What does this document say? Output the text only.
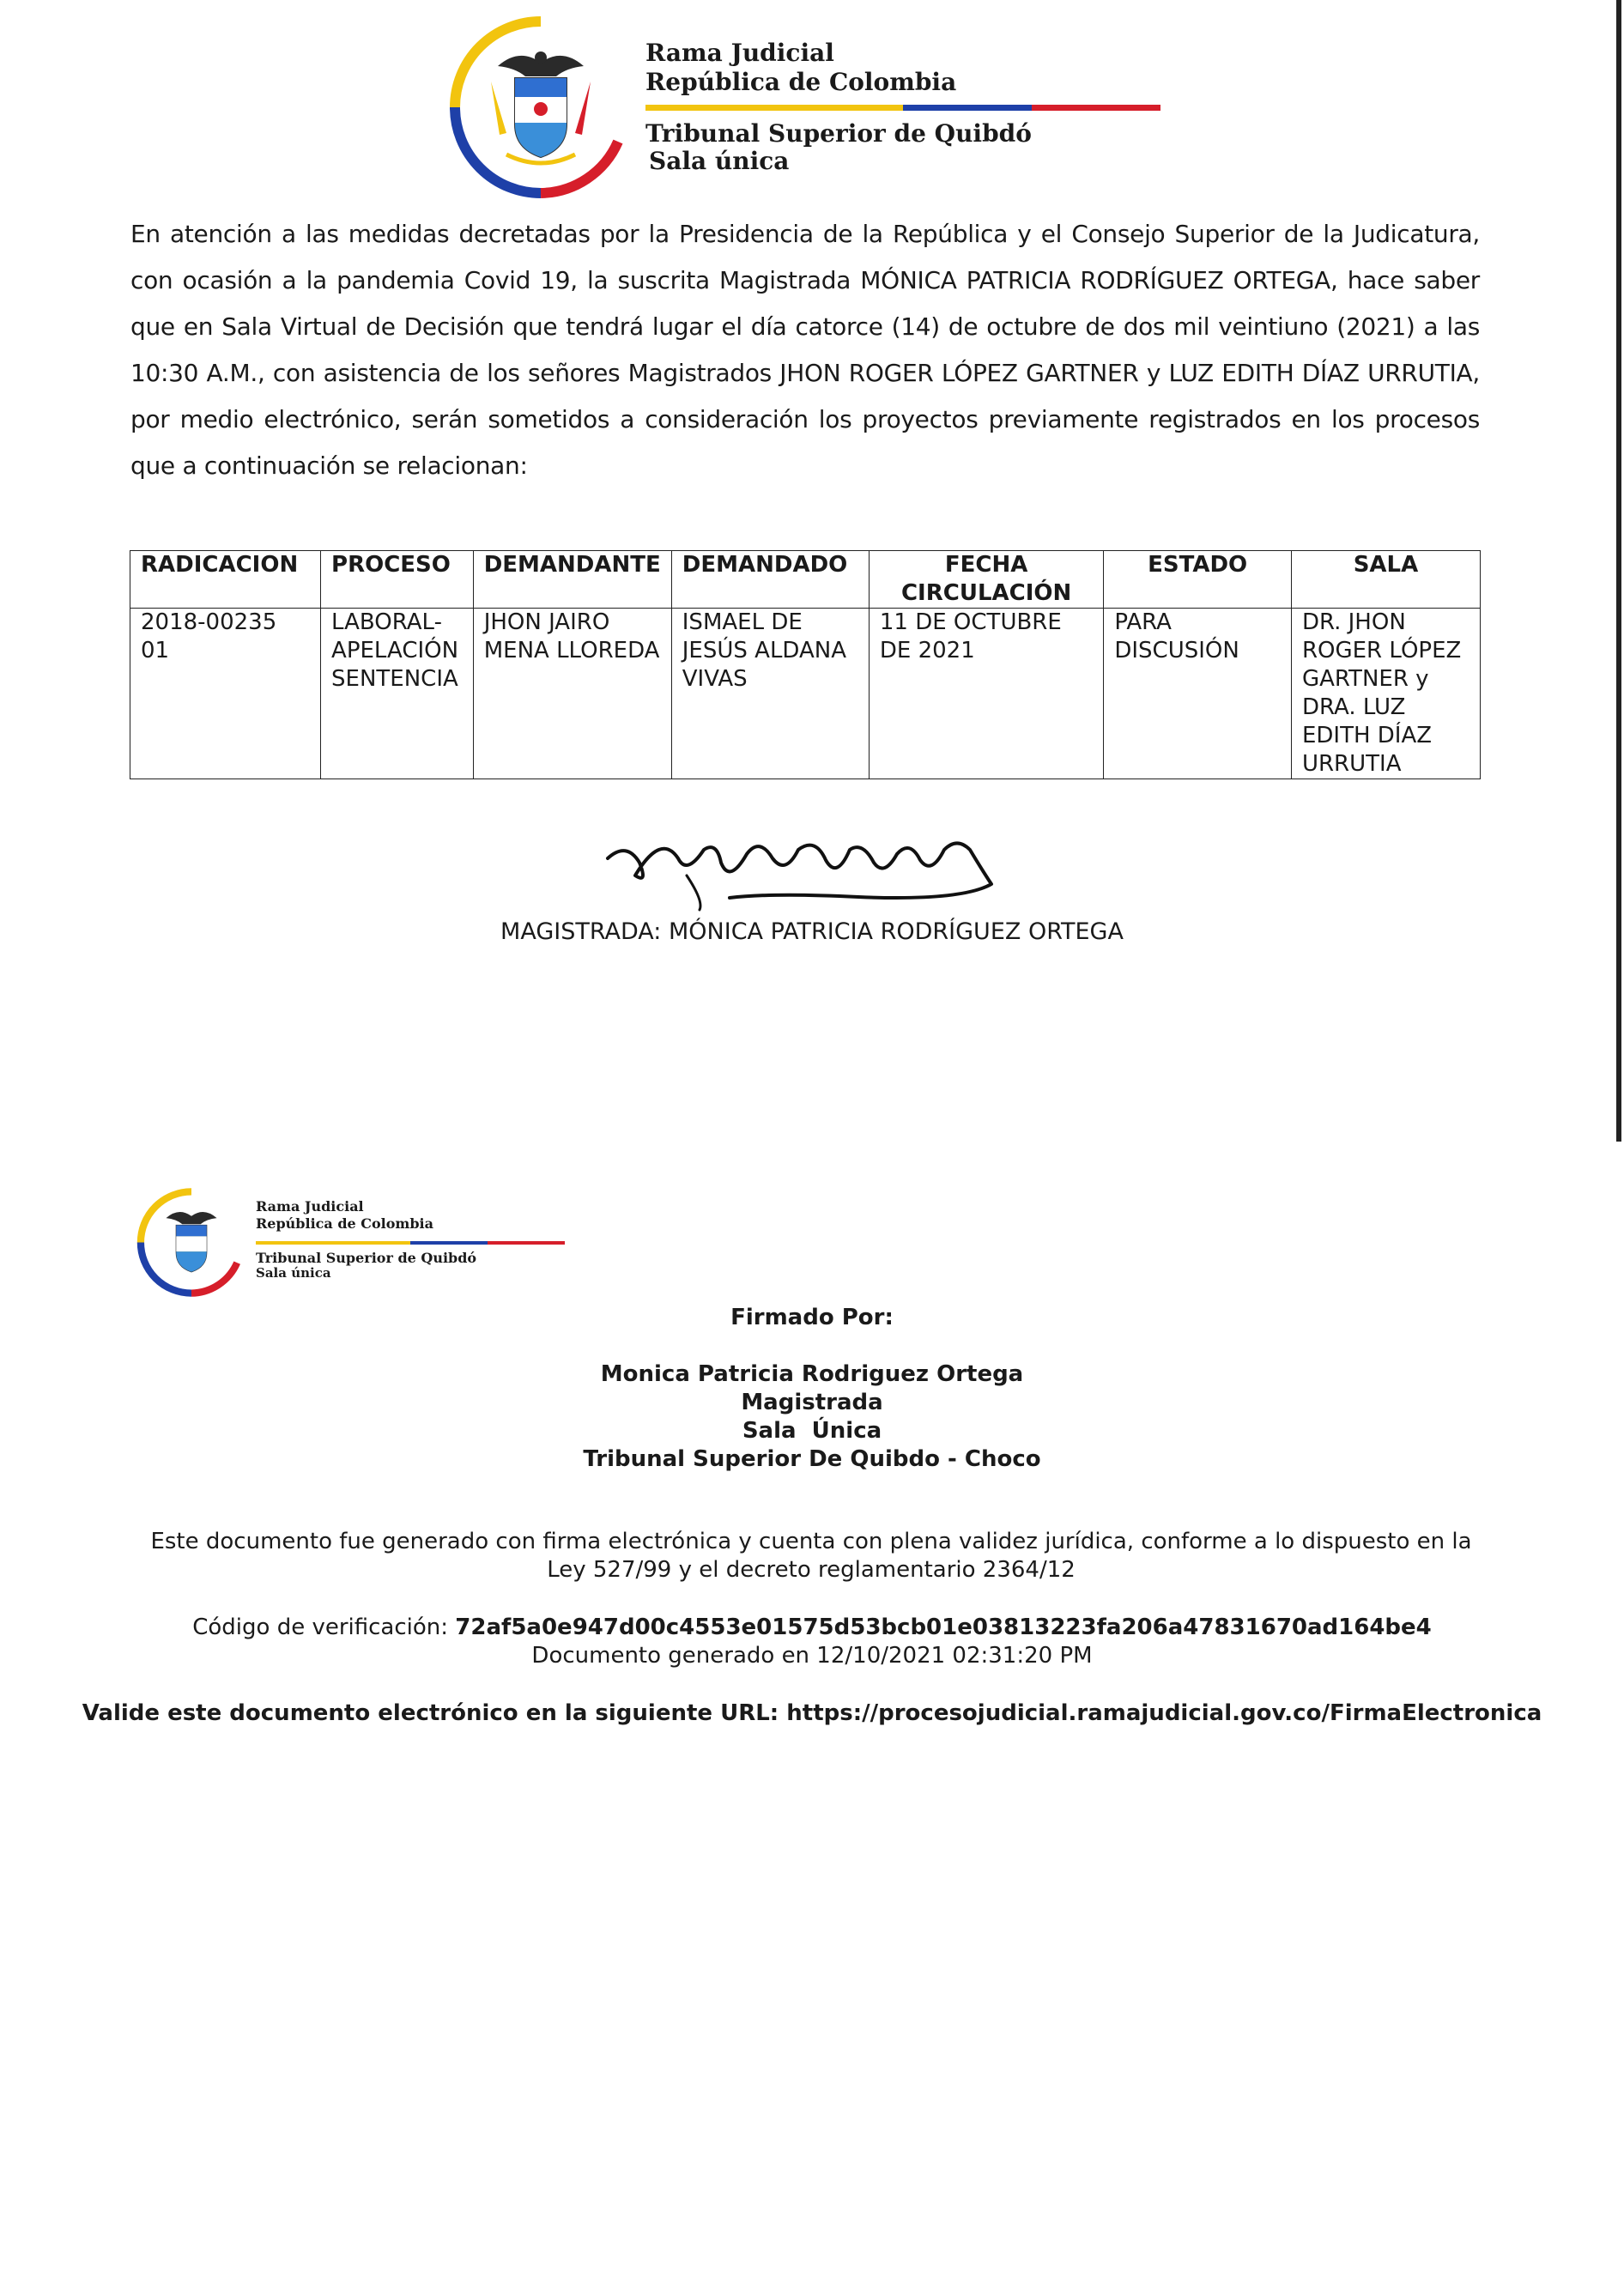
Rama Judicial
República de Colombia
Tribunal Superior de Quibdó
Sala única

En atención a las medidas decretadas por la Presidencia de la República y el Consejo Superior de la Judicatura, con ocasión a la pandemia Covid 19, la suscrita Magistrada MÓNICA PATRICIA RODRÍGUEZ ORTEGA, hace saber que en Sala Virtual de Decisión que tendrá lugar el día catorce (14) de octubre de dos mil veintiuno (2021) a las 10:30 A.M., con asistencia de los señores Magistrados JHON ROGER LÓPEZ GARTNER y LUZ EDITH DÍAZ URRUTIA, por medio electrónico, serán sometidos a consideración los proyectos previamente registrados en los procesos que a continuación se relacionan:

RADICACION	PROCESO	DEMANDANTE	DEMANDADO	FECHA CIRCULACIÓN	ESTADO	SALA
2018-00235 01	LABORAL-APELACIÓN SENTENCIA	JHON JAIRO MENA LLOREDA	ISMAEL DE JESÚS ALDANA VIVAS	11 DE OCTUBRE DE 2021	PARA DISCUSIÓN	DR. JHON ROGER LÓPEZ GARTNER y DRA. LUZ EDITH DÍAZ URRUTIA
MAGISTRADA: MÓNICA PATRICIA RODRÍGUEZ ORTEGA
Rama Judicial
República de Colombia
Tribunal Superior de Quibdó
Sala única
Firmado Por:
Monica Patricia Rodriguez Ortega
Magistrada
Sala  Única
Tribunal Superior De Quibdo - Choco
Este documento fue generado con firma electrónica y cuenta con plena validez jurídica, conforme a lo dispuesto en la Ley 527/99 y el decreto reglamentario 2364/12
Código de verificación: 72af5a0e947d00c4553e01575d53bcb01e03813223fa206a47831670ad164be4
Documento generado en 12/10/2021 02:31:20 PM
Valide este documento electrónico en la siguiente URL: https://procesojudicial.ramajudicial.gov.co/FirmaElectronica
